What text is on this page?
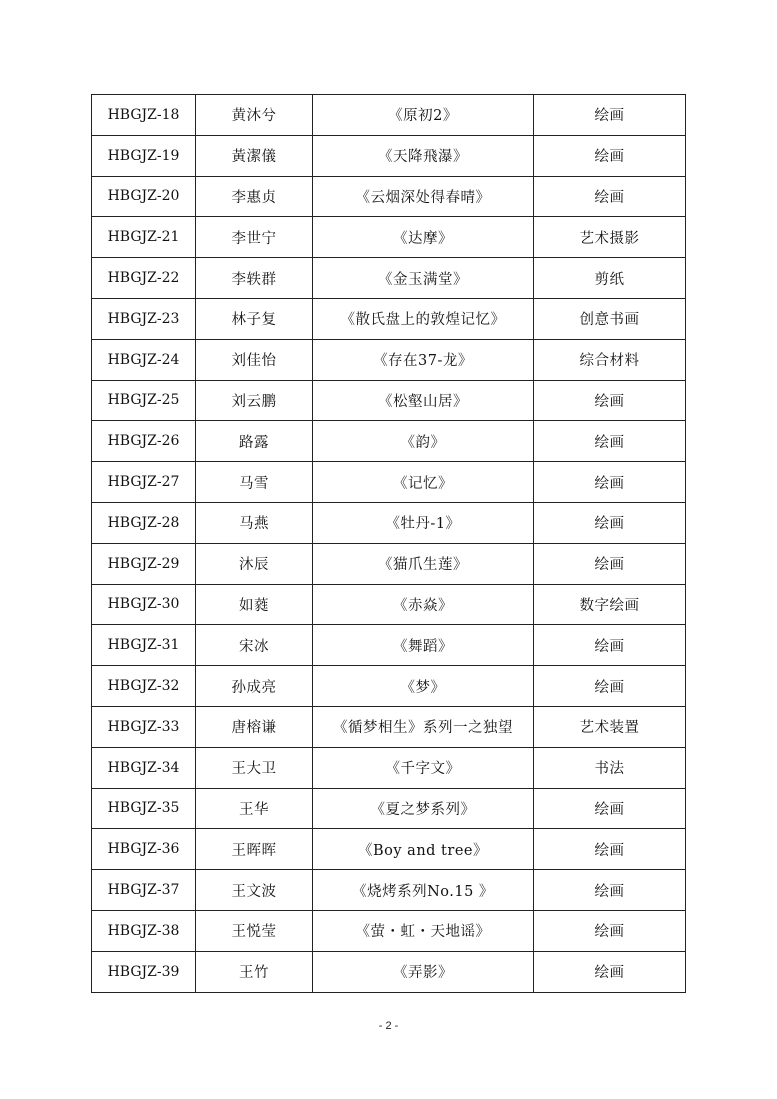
HBGJZ-18	黄沐兮	《原初2》	绘画
HBGJZ-19	黃潔儀	《天降飛瀑》	绘画
HBGJZ-20	李惠贞	《云烟深处得春晴》	绘画
HBGJZ-21	李世宁	《达摩》	艺术摄影
HBGJZ-22	李轶群	《金玉满堂》	剪纸
HBGJZ-23	林子复	《散氏盘上的敦煌记忆》	创意书画
HBGJZ-24	刘佳怡	《存在37-龙》	综合材料
HBGJZ-25	刘云鹏	《松壑山居》	绘画
HBGJZ-26	路露	《韵》	绘画
HBGJZ-27	马雪	《记忆》	绘画
HBGJZ-28	马燕	《牡丹-1》	绘画
HBGJZ-29	沐辰	《猫爪生莲》	绘画
HBGJZ-30	如蕤	《赤焱》	数字绘画
HBGJZ-31	宋冰	《舞蹈》	绘画
HBGJZ-32	孙成亮	《梦》	绘画
HBGJZ-33	唐榕谦	《循梦相生》系列一之独望	艺术装置
HBGJZ-34	王大卫	《千字文》	书法
HBGJZ-35	王华	《夏之梦系列》	绘画
HBGJZ-36	王晖晖	《Boy and tree》	绘画
HBGJZ-37	王文波	《烧烤系列No.15 》	绘画
HBGJZ-38	王悦莹	《萤・虹・天地谣》	绘画
HBGJZ-39	王竹	《弄影》	绘画
- 2 -
